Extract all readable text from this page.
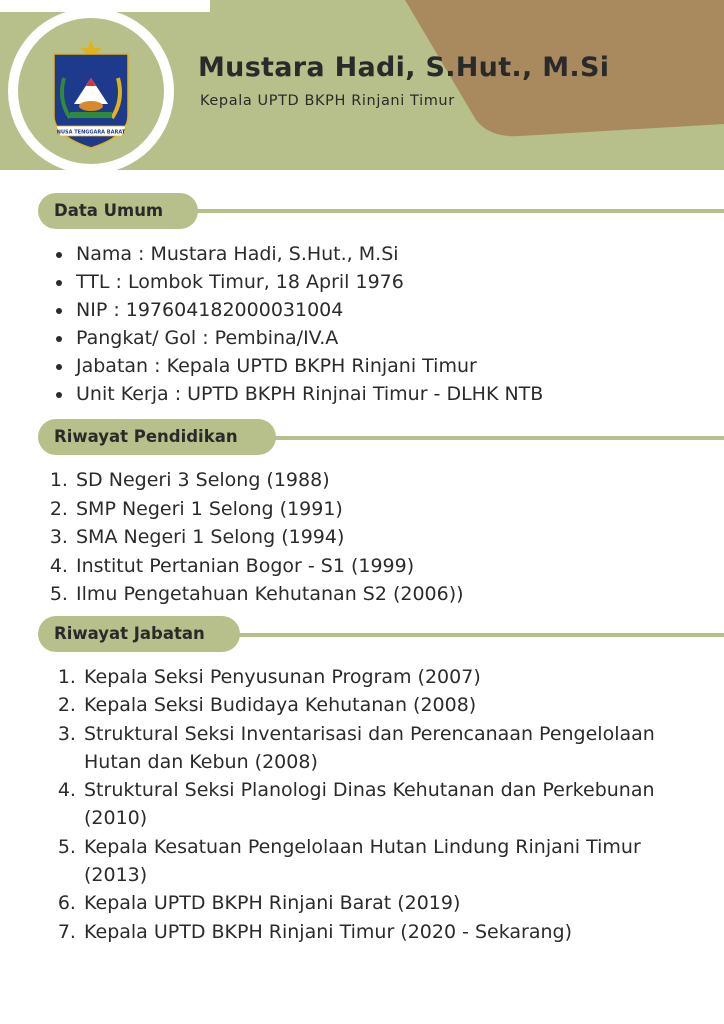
NUSA TENGGARA BARAT
Mustara Hadi, S.Hut., M.Si

Kepala UPTD BKPH Rinjani Timur

Data Umum
• Nama : Mustara Hadi, S.Hut., M.Si
• TTL : Lombok Timur, 18 April 1976
• NIP : 197604182000031004
• Pangkat/ Gol : Pembina/IV.A
• Jabatan : Kepala UPTD BKPH Rinjani Timur
• Unit Kerja : UPTD BKPH Rinjnai Timur - DLHK NTB
Riwayat Pendidikan
1. SD Negeri 3 Selong (1988)
2. SMP Negeri 1 Selong (1991)
3. SMA Negeri 1 Selong (1994)
4. Institut Pertanian Bogor - S1 (1999)
5. Ilmu Pengetahuan Kehutanan S2 (2006))
Riwayat Jabatan
1. Kepala Seksi Penyusunan Program (2007)
2. Kepala Seksi Budidaya Kehutanan (2008)
3. Struktural Seksi Inventarisasi dan Perencanaan Pengelolaan Hutan dan Kebun (2008)
4. Struktural Seksi Planologi Dinas Kehutanan dan Perkebunan (2010)
5. Kepala Kesatuan Pengelolaan Hutan Lindung Rinjani Timur (2013)
6. Kepala UPTD BKPH Rinjani Barat (2019)
7. Kepala UPTD BKPH Rinjani Timur (2020 - Sekarang)
